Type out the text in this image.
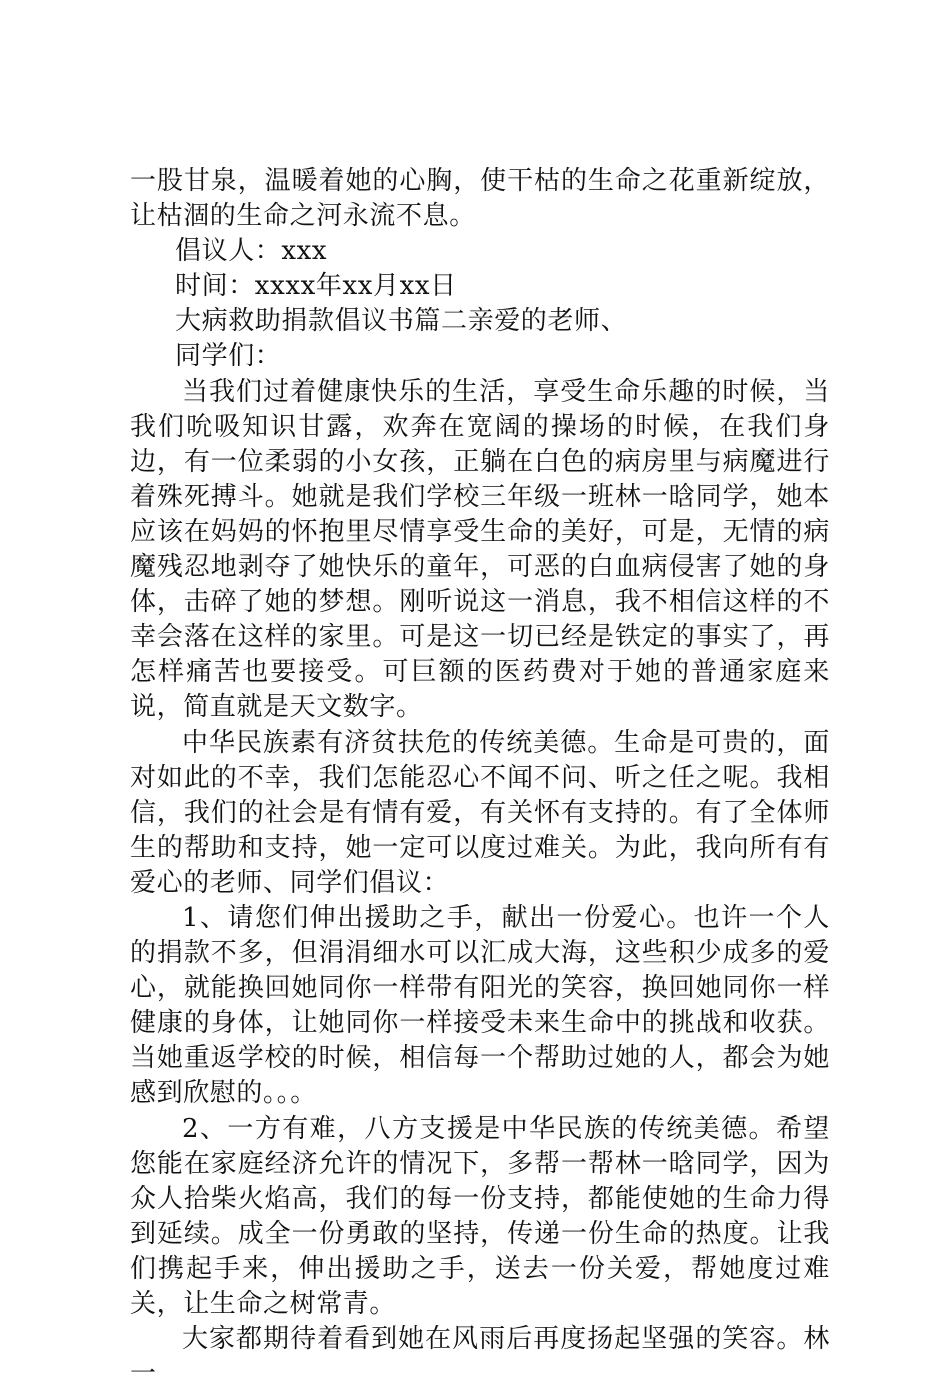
一股甘泉，温暖着她的心胸，使干枯的生命之花重新绽放，让枯涸的生命之河永流不息。

倡议人：xxx

时间：xxxx年xx月xx日

大病救助捐款倡议书篇二亲爱的老师、

同学们：

当我们过着健康快乐的生活，享受生命乐趣的时候，当我们吮吸知识甘露，欢奔在宽阔的操场的时候，在我们身边，有一位柔弱的小女孩，正躺在白色的病房里与病魔进行着殊死搏斗。她就是我们学校三年级一班林一晗同学，她本应该在妈妈的怀抱里尽情享受生命的美好，可是，无情的病魔残忍地剥夺了她快乐的童年，可恶的白血病侵害了她的身体，击碎了她的梦想。刚听说这一消息，我不相信这样的不幸会落在这样的家里。可是这一切已经是铁定的事实了，再怎样痛苦也要接受。可巨额的医药费对于她的普通家庭来说，简直就是天文数字。

中华民族素有济贫扶危的传统美德。生命是可贵的，面对如此的不幸，我们怎能忍心不闻不问、听之任之呢。我相信，我们的社会是有情有爱，有关怀有支持的。有了全体师生的帮助和支持，她一定可以度过难关。为此，我向所有有爱心的老师、同学们倡议：

1、请您们伸出援助之手，献出一份爱心。也许一个人的捐款不多，但涓涓细水可以汇成大海，这些积少成多的爱心，就能换回她同你一样带有阳光的笑容，换回她同你一样健康的身体，让她同你一样接受未来生命中的挑战和收获。当她重返学校的时候，相信每一个帮助过她的人，都会为她感到欣慰的。。。

2、一方有难，八方支援是中华民族的传统美德。希望您能在家庭经济允许的情况下，多帮一帮林一晗同学，因为众人拾柴火焰高，我们的每一份支持，都能使她的生命力得到延续。成全一份勇敢的坚持，传递一份生命的热度。让我们携起手来，伸出援助之手，送去一份关爱，帮她度过难关，让生命之树常青。

大家都期待着看到她在风雨后再度扬起坚强的笑容。林一
